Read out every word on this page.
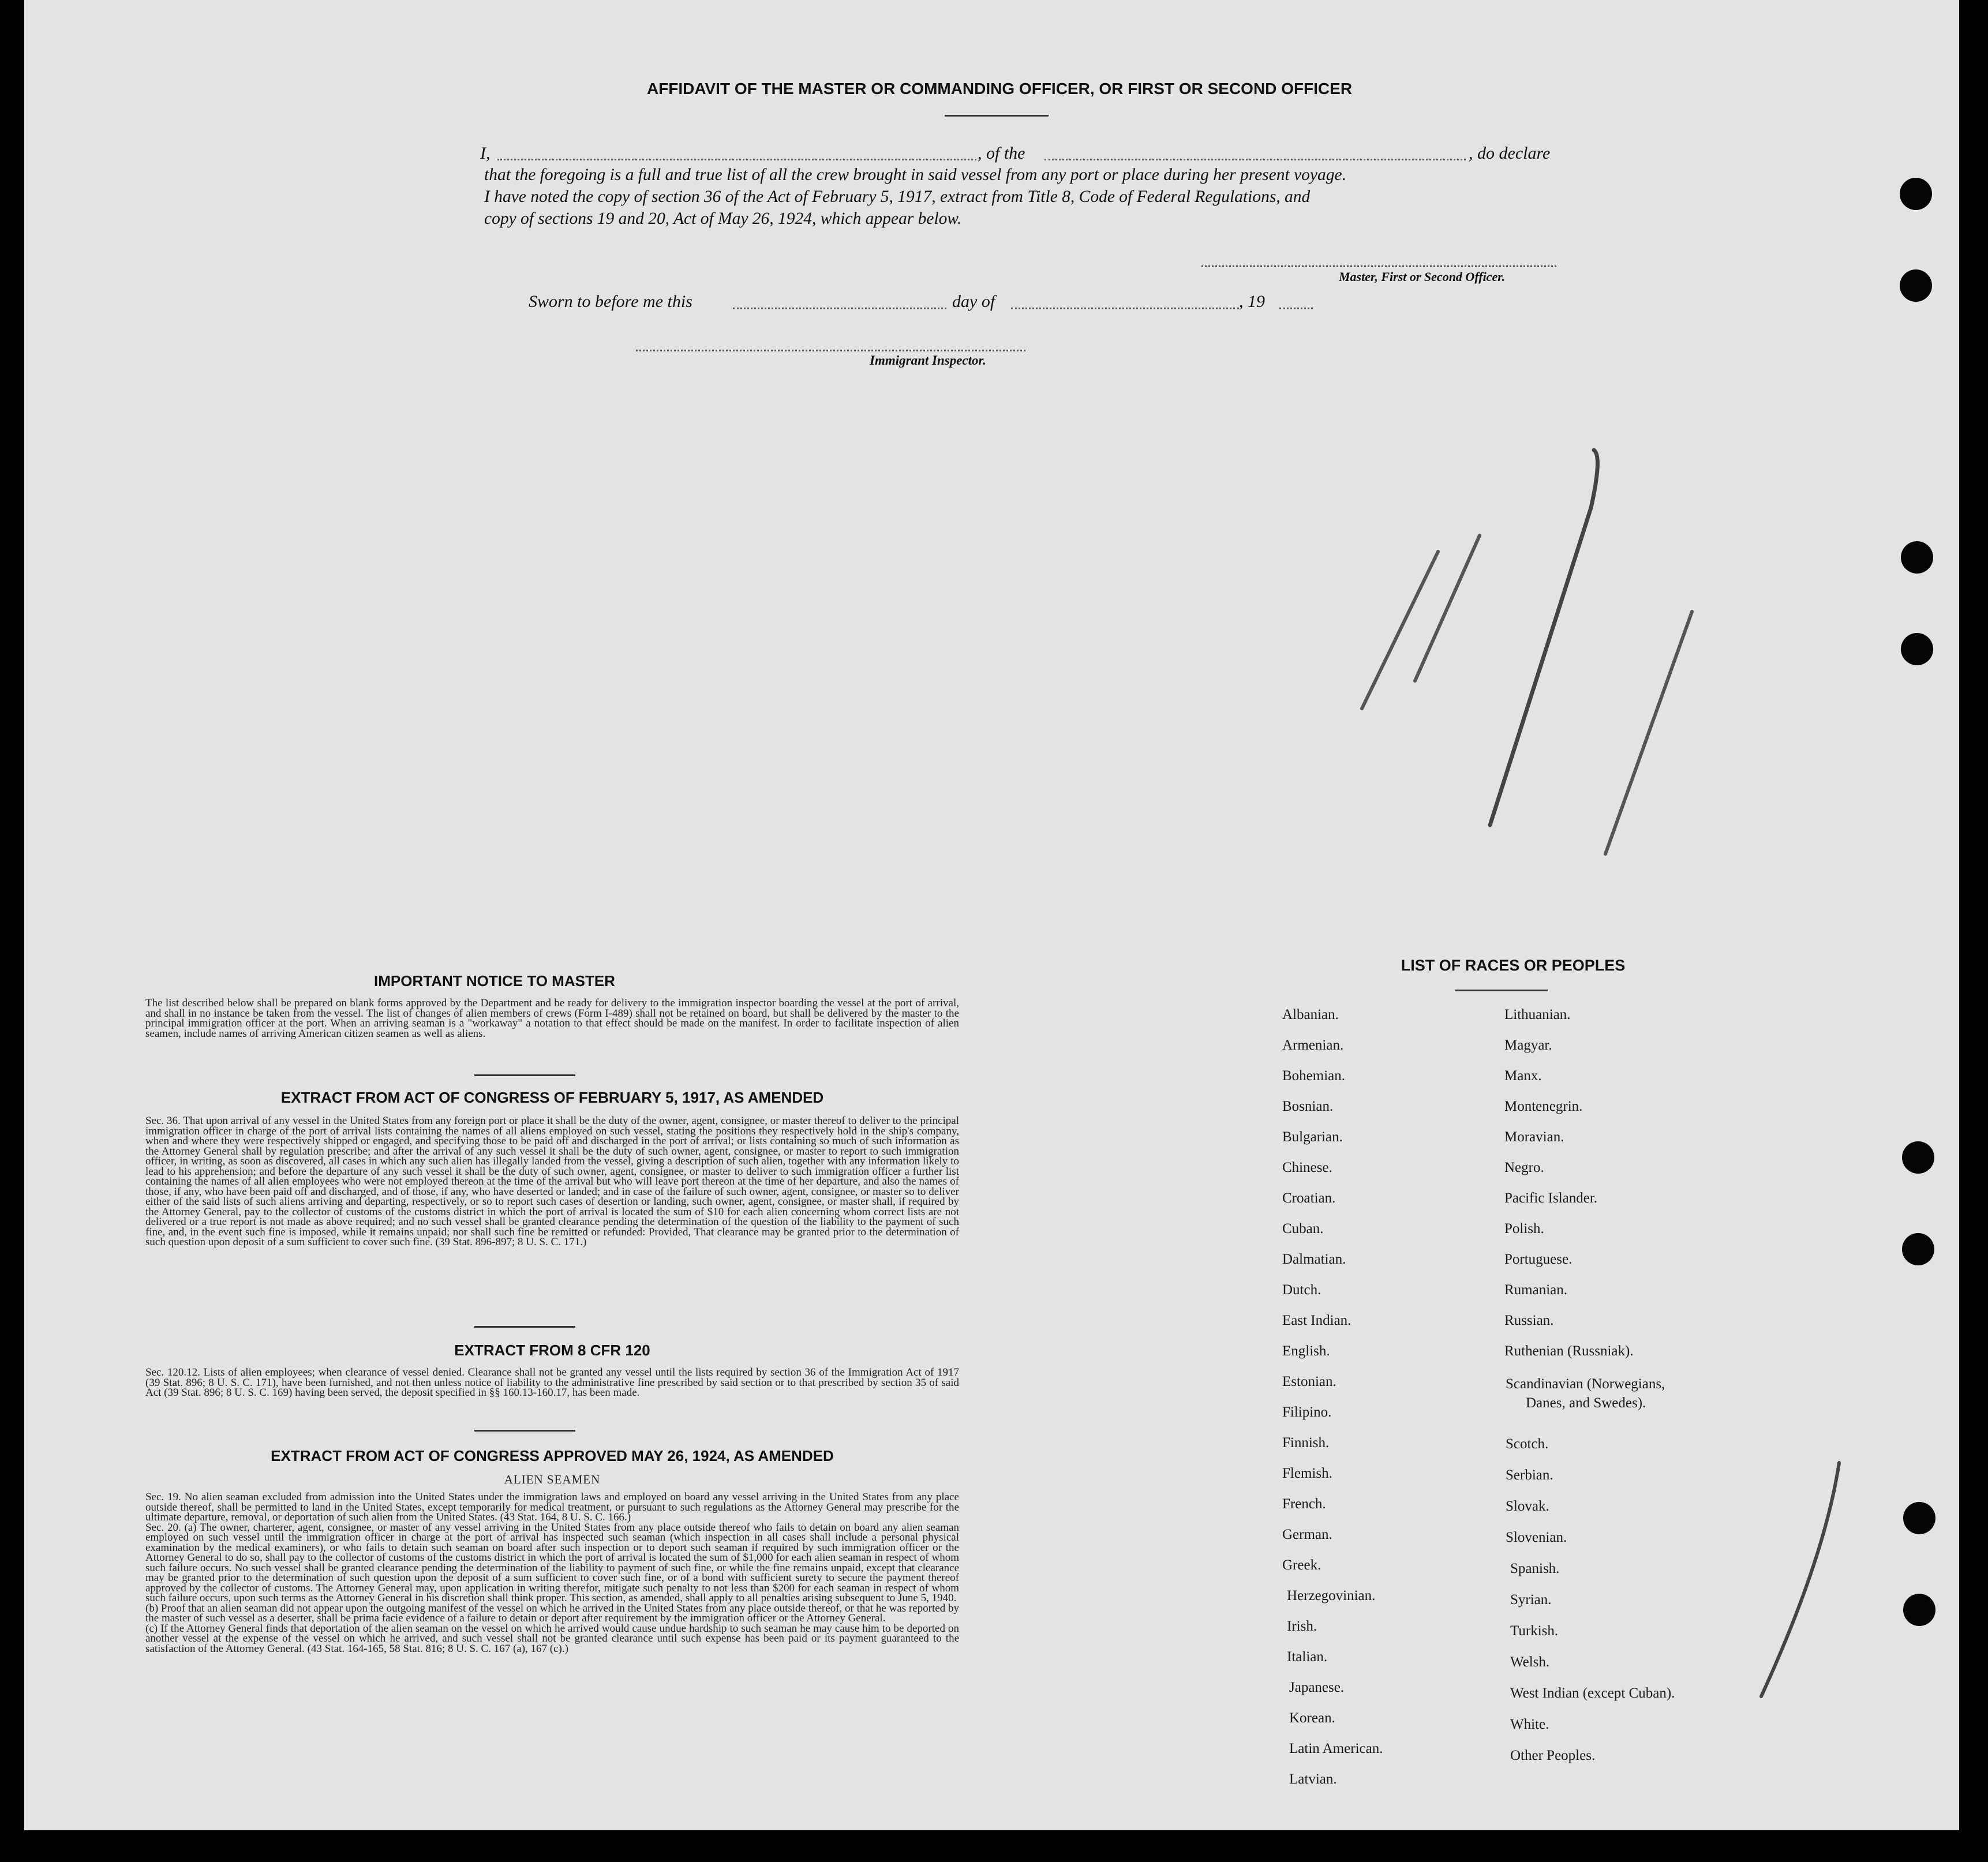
AFFIDAVIT OF THE MASTER OR COMMANDING OFFICER, OR FIRST OR SECOND OFFICER
I,	, of the	, do declare
that the foregoing is a full and true list of all the crew brought in said vessel from any port or place during her present voyage.
I have noted the copy of section 36 of the Act of February 5, 1917, extract from Title 8, Code of Federal Regulations, and
copy of sections 19 and 20, Act of May 26, 1924, which appear below.
Master, First or Second Officer.
Sworn to before me this	day of	, 19
Immigrant Inspector.
IMPORTANT NOTICE TO MASTER
The list described below shall be prepared on blank forms approved by the Department and be ready for delivery to the immigration inspector boarding the vessel at the port of arrival, and shall in no instance be taken from the vessel. The list of changes of alien members of crews (Form I-489) shall not be retained on board, but shall be delivered by the master to the principal immigration officer at the port. When an arriving seaman is a "workaway" a notation to that effect should be made on the manifest. In order to facilitate inspection of alien seamen, include names of arriving American citizen seamen as well as aliens.
EXTRACT FROM ACT OF CONGRESS OF FEBRUARY 5, 1917, AS AMENDED
Sec. 36. That upon arrival of any vessel in the United States from any foreign port or place it shall be the duty of the owner, agent, consignee, or master thereof to deliver to the principal immigration officer in charge of the port of arrival lists containing the names of all aliens employed on such vessel, stating the positions they respectively hold in the ship's company, when and where they were respectively shipped or engaged, and specifying those to be paid off and discharged in the port of arrival; or lists containing so much of such information as the Attorney General shall by regulation prescribe; and after the arrival of any such vessel it shall be the duty of such owner, agent, consignee, or master to report to such immigration officer, in writing, as soon as discovered, all cases in which any such alien has illegally landed from the vessel, giving a description of such alien, together with any information likely to lead to his apprehension; and before the departure of any such vessel it shall be the duty of such owner, agent, consignee, or master to deliver to such immigration officer a further list containing the names of all alien employees who were not employed thereon at the time of the arrival but who will leave port thereon at the time of her departure, and also the names of those, if any, who have been paid off and discharged, and of those, if any, who have deserted or landed; and in case of the failure of such owner, agent, consignee, or master so to deliver either of the said lists of such aliens arriving and departing, respectively, or so to report such cases of desertion or landing, such owner, agent, consignee, or master shall, if required by the Attorney General, pay to the collector of customs of the customs district in which the port of arrival is located the sum of $10 for each alien concerning whom correct lists are not delivered or a true report is not made as above required; and no such vessel shall be granted clearance pending the determination of the question of the liability to the payment of such fine, and, in the event such fine is imposed, while it remains unpaid; nor shall such fine be remitted or refunded: Provided, That clearance may be granted prior to the determination of such question upon deposit of a sum sufficient to cover such fine. (39 Stat. 896-897; 8 U. S. C. 171.)
EXTRACT FROM 8 CFR 120
Sec. 120.12. Lists of alien employees; when clearance of vessel denied. Clearance shall not be granted any vessel until the lists required by section 36 of the Immigration Act of 1917 (39 Stat. 896; 8 U. S. C. 171), have been furnished, and not then unless notice of liability to the administrative fine prescribed by said section or to that prescribed by section 35 of said Act (39 Stat. 896; 8 U. S. C. 169) having been served, the deposit specified in §§ 160.13-160.17, has been made.
EXTRACT FROM ACT OF CONGRESS APPROVED MAY 26, 1924, AS AMENDED
ALIEN SEAMEN
Sec. 19. No alien seaman excluded from admission into the United States under the immigration laws and employed on board any vessel arriving in the United States from any place outside thereof, shall be permitted to land in the United States, except temporarily for medical treatment, or pursuant to such regulations as the Attorney General may prescribe for the ultimate departure, removal, or deportation of such alien from the United States. (43 Stat. 164, 8 U. S. C. 166.)
Sec. 20. (a) The owner, charterer, agent, consignee, or master of any vessel arriving in the United States from any place outside thereof who fails to detain on board any alien seaman employed on such vessel until the immigration officer in charge at the port of arrival has inspected such seaman (which inspection in all cases shall include a personal physical examination by the medical examiners), or who fails to detain such seaman on board after such inspection or to deport such seaman if required by such immigration officer or the Attorney General to do so, shall pay to the collector of customs of the customs district in which the port of arrival is located the sum of $1,000 for each alien seaman in respect of whom such failure occurs. No such vessel shall be granted clearance pending the determination of the liability to payment of such fine, or while the fine remains unpaid, except that clearance may be granted prior to the determination of such question upon the deposit of a sum sufficient to cover such fine, or of a bond with sufficient surety to secure the payment thereof approved by the collector of customs. The Attorney General may, upon application in writing therefor, mitigate such penalty to not less than $200 for each seaman in respect of whom such failure occurs, upon such terms as the Attorney General in his discretion shall think proper. This section, as amended, shall apply to all penalties arising subsequent to June 5, 1940.
(b) Proof that an alien seaman did not appear upon the outgoing manifest of the vessel on which he arrived in the United States from any place outside thereof, or that he was reported by the master of such vessel as a deserter, shall be prima facie evidence of a failure to detain or deport after requirement by the immigration officer or the Attorney General.
(c) If the Attorney General finds that deportation of the alien seaman on the vessel on which he arrived would cause undue hardship to such seaman he may cause him to be deported on another vessel at the expense of the vessel on which he arrived, and such vessel shall not be granted clearance until such expense has been paid or its payment guaranteed to the satisfaction of the Attorney General. (43 Stat. 164-165, 58 Stat. 816; 8 U. S. C. 167 (a), 167 (c).)
LIST OF RACES OR PEOPLES
Albanian.
Armenian.
Bohemian.
Bosnian.
Bulgarian.
Chinese.
Croatian.
Cuban.
Dalmatian.
Dutch.
East Indian.
English.
Estonian.
Filipino.
Finnish.
Flemish.
French.
German.
Greek.
Herzegovinian.
Irish.
Italian.
Japanese.
Korean.
Latin American.
Latvian.
Lithuanian.
Magyar.
Manx.
Montenegrin.
Moravian.
Negro.
Pacific Islander.
Polish.
Portuguese.
Rumanian.
Russian.
Ruthenian (Russniak).
Scandinavian (Norwegians,
Danes, and Swedes).
Scotch.
Serbian.
Slovak.
Slovenian.
Spanish.
Syrian.
Turkish.
Welsh.
West Indian (except Cuban).
White.
Other Peoples.
